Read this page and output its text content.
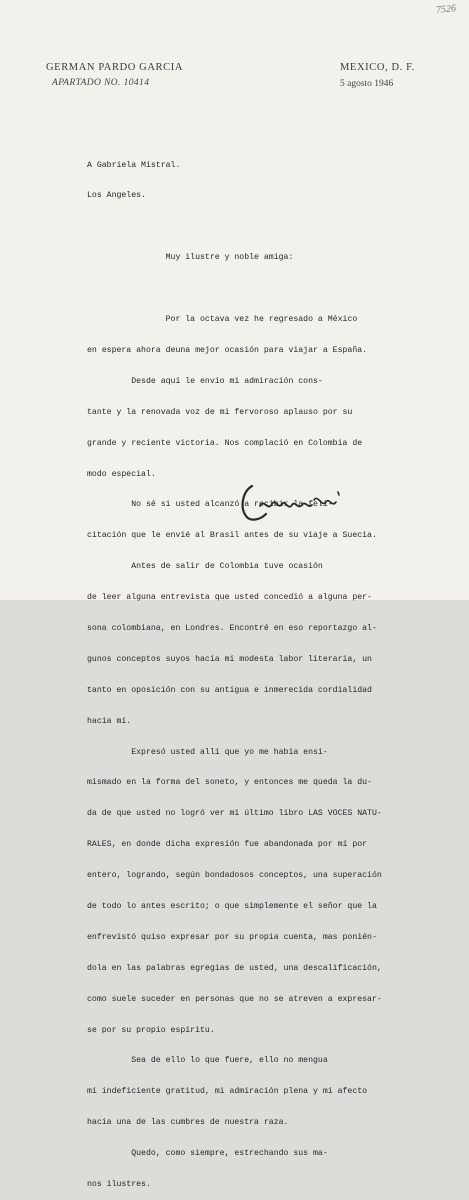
7526
GERMAN PARDO GARCIA
APARTADO NO. 10414
MEXICO, D. F.
5 agosto 1946

A Gabriela Mistral.

Los Angeles.

Muy ilustre y noble amiga:

Por la octava vez he regresado a México

en espera ahora deuna mejor ocasión para viajar a España.

Desde aquí le envío mi admiración cons-

tante y la renovada voz de mi fervoroso aplauso por su

grande y reciente victoria. Nos complació en Colombia de

modo especial.

No sé si usted alcanzó a recibir la feli-

citación que le envié al Brasil antes de su viaje a Suecia.

Antes de salir de Colombia tuve ocasión

de leer alguna entrevista que usted concedió a alguna per-

sona colombiana, en Londres. Encontré en eso reportazgo al-

gunos conceptos suyos hacia mi modesta labor literaria, un

tanto en oposición con su antigua e inmerecida cordialidad

hacia mí.

Expresó usted allí que yo me había ensi-

mismado en la forma del soneto, y entonces me queda la du-

da de que usted no logró ver mi último libro LAS VOCES NATU-

RALES, en donde dicha expresión fue abandonada por mí por

entero, logrando, según bondadosos conceptos, una superación

de todo lo antes escrito; o que simplemente el señor que la

enfrevistó quiso expresar por su propia cuenta, mas ponién-

dola en las palabras egregias de usted, una descalificación,

como suele suceder en personas que no se atreven a expresar-

se por su propio espíritu.

Sea de ello lo que fuere, ello no mengua

mi indeficiente gratitud, mi admiración plena y mi afecto

hacia una de las cumbres de nuestra raza.

Quedo, como siempre, estrechando sus ma-

nos ilustres.
